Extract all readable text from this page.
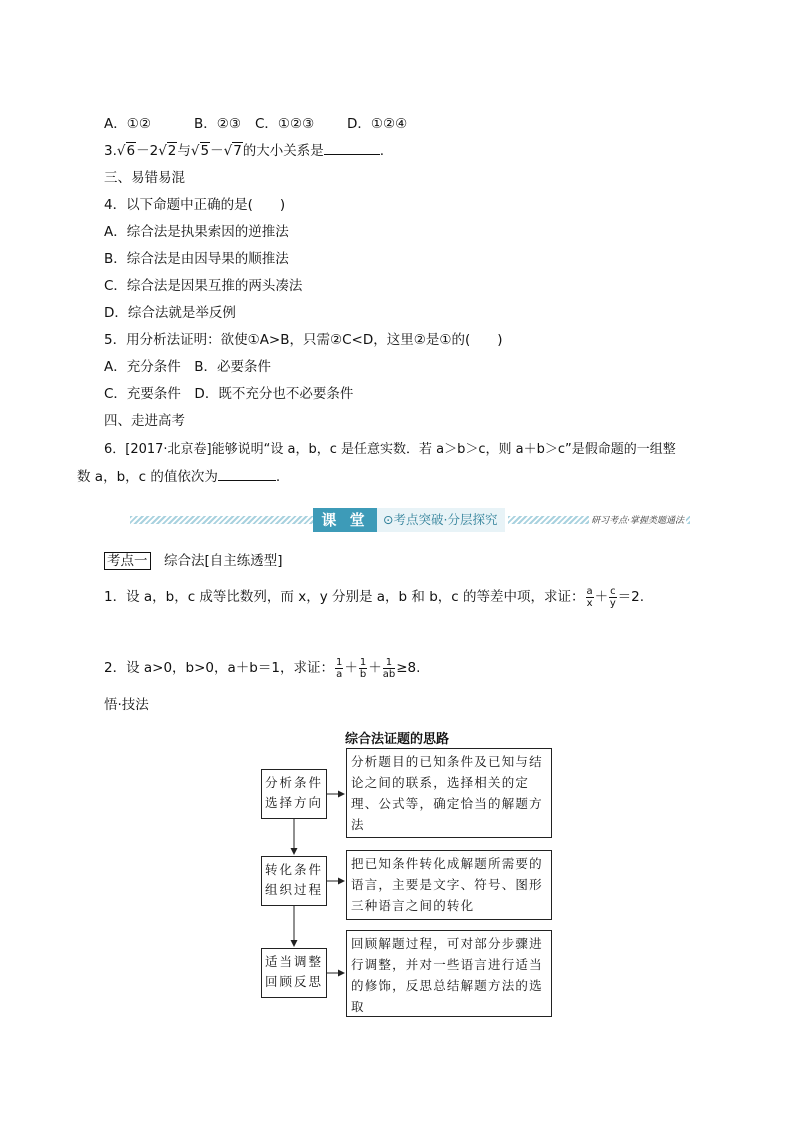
A．①②	B．②③ C．①②③ D．①②④
3.√6－2√2与√5－√7的大小关系是	.
三、易错易混
4．以下命题中正确的是(　　)
A．综合法是执果索因的逆推法
B．综合法是由因导果的顺推法
C．综合法是因果互推的两头凑法
D．综合法就是举反例
5．用分析法证明：欲使①A>B，只需②C<D，这里②是①的(　　)
A．充分条件　B．必要条件
C．充要条件　D．既不充分也不必要条件
四、走进高考
6．[2017·北京卷]能够说明“设 a，b，c 是任意实数．若 a＞b＞c，则 a＋b＞c”是假命题的一组整
数 a，b，c 的值依次为	.
课 堂	⊙考点突破·分层探究	研习考点·掌握类题通法
考点一　 综合法[自主练透型]
1．设 a，b，c 成等比数列，而 x，y 分别是 a，b 和 b，c 的等差中项，求证： $\frac{a}{x} + \frac{c}{y} =2$.
2．设 a>0，b>0，a＋b＝1，求证： $\frac{1}{a} + \frac{1}{b} + \frac{1}{ab} \ge 8$.
悟·技法
综合法证题的思路
分析条件
选择方向
转化条件
组织过程
适当调整
回顾反思
分析题目的已知条件及已知与结论之间的联系，选择相关的定理、公式等，确定恰当的解题方法
把已知条件转化成解题所需要的语言，主要是文字、符号、图形三种语言之间的转化
回顾解题过程，可对部分步骤进行调整，并对一些语言进行适当的修饰，反思总结解题方法的选取
